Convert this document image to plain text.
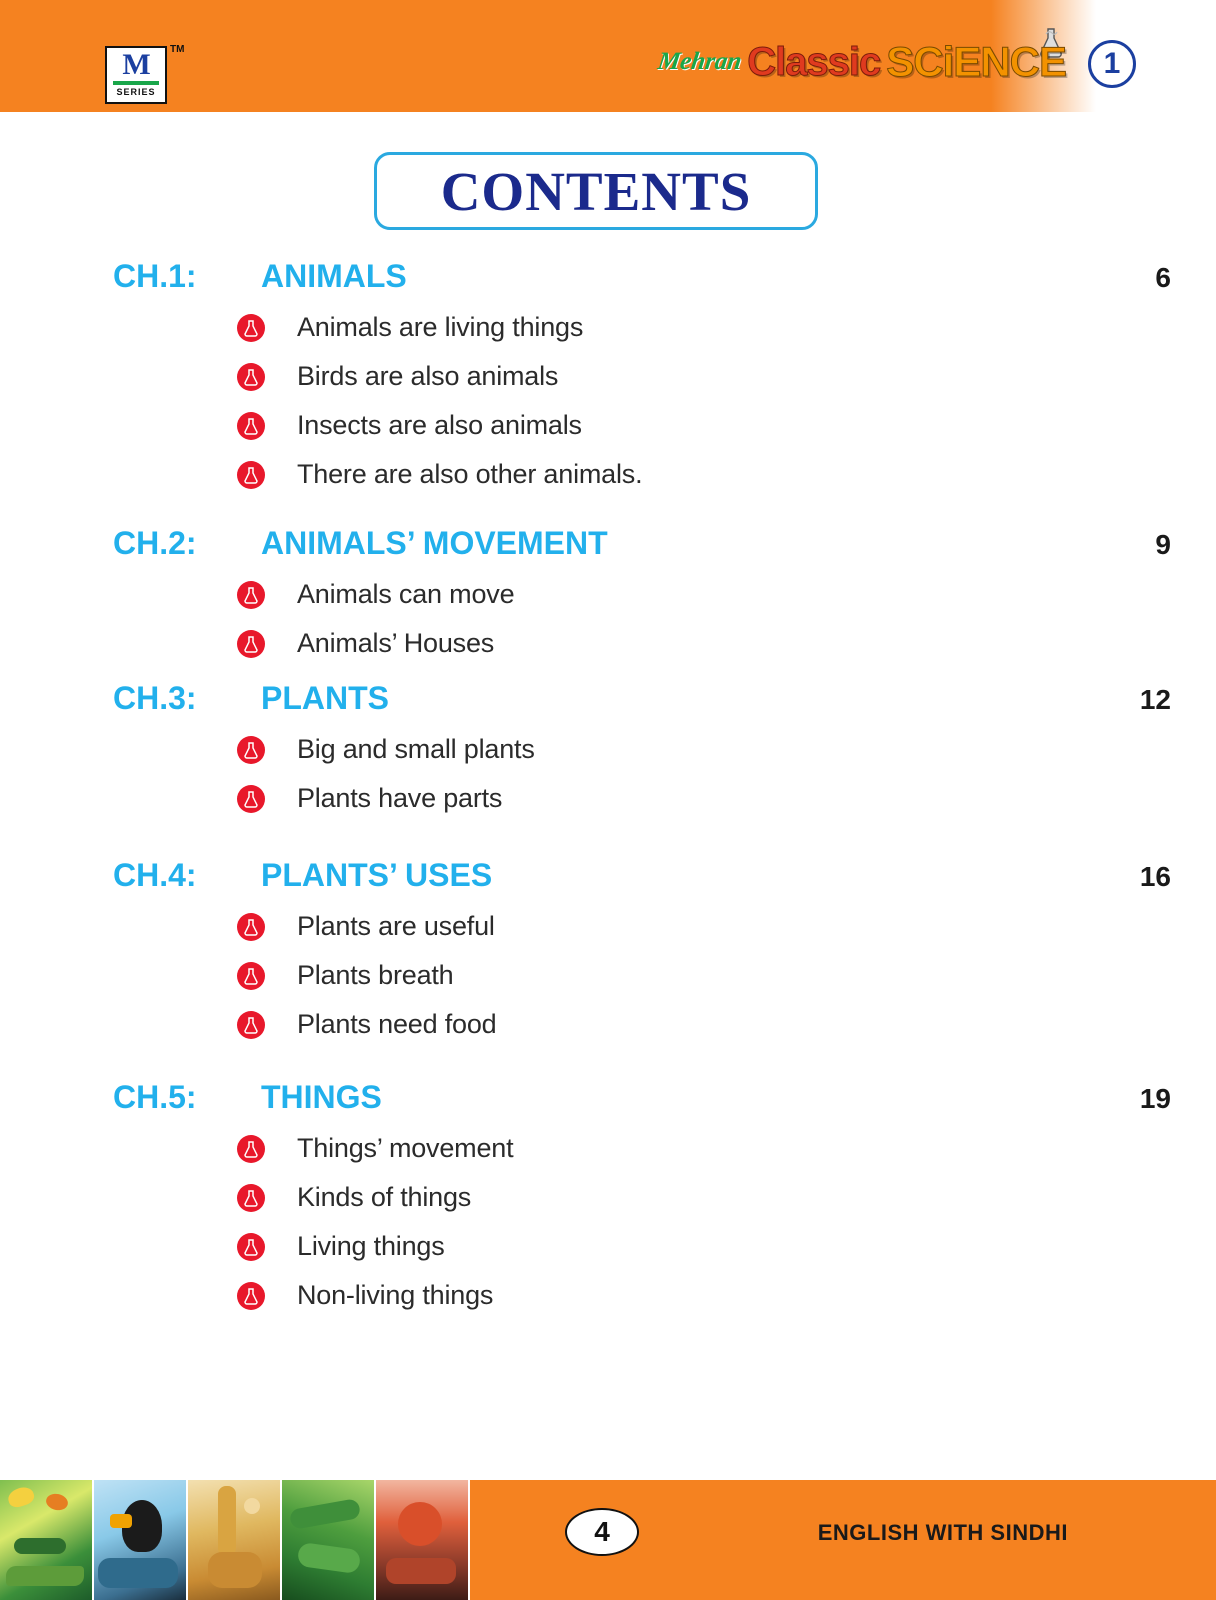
M
SERIES
TM	Mehran Classic SCiENCE	1
CONTENTS
CH.1:	ANIMALS	6
Animals are living things
Birds are also animals
Insects are also animals
There are also other animals.
CH.2:	ANIMALS’ MOVEMENT	9
Animals can move
Animals’ Houses
CH.3:	PLANTS	12
Big and small plants
Plants have parts
CH.4:	PLANTS’ USES	16
Plants are useful
Plants breath
Plants need food
CH.5:	THINGS	19
Things’ movement
Kinds of things
Living things
Non-living things
4	ENGLISH WITH SINDHI
